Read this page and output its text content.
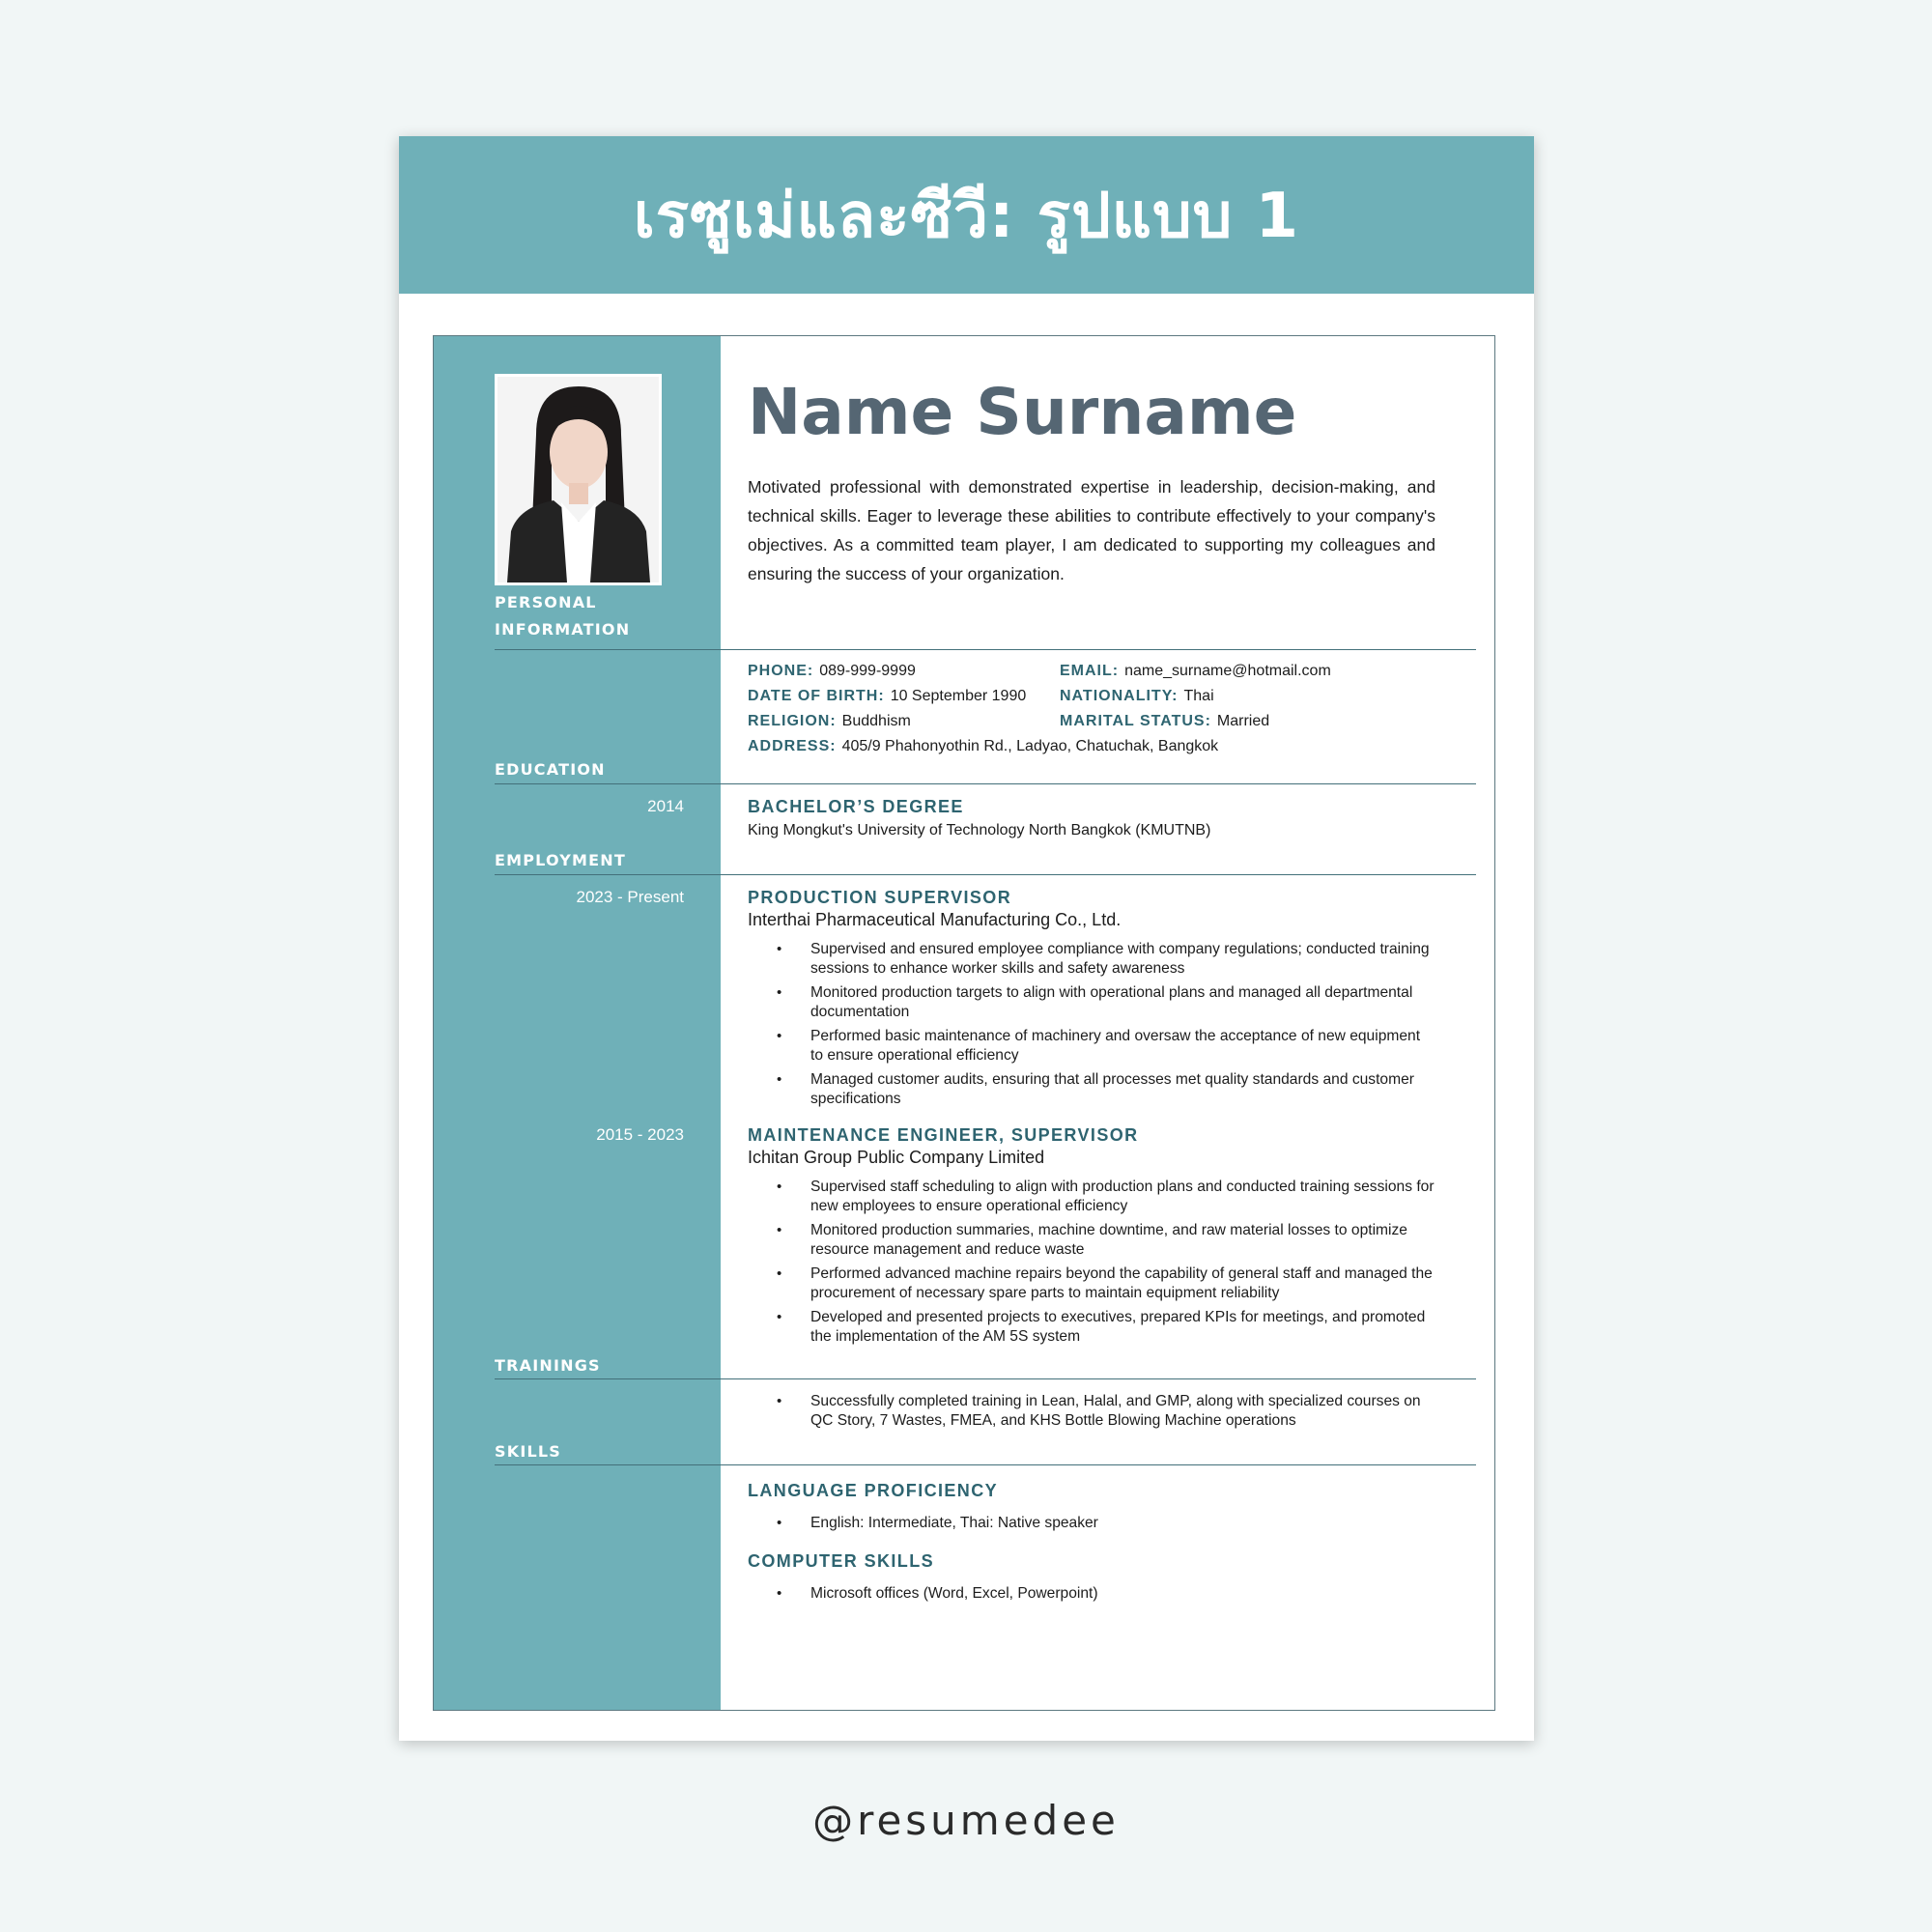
เรซูเม่และซีวี: รูปแบบ 1
PERSONAL INFORMATION
EDUCATION
2014
EMPLOYMENT
2023 - Present
2015 - 2023
TRAININGS
SKILLS
Name Surname
Motivated professional with demonstrated expertise in leadership, decision-making, and technical skills. Eager to leverage these abilities to contribute effectively to your company's objectives. As a committed team player, I am dedicated to supporting my colleagues and ensuring the success of your organization.
PHONE: 089-999-9999	EMAIL: name_surname@hotmail.com
DATE OF BIRTH: 10 September 1990 NATIONALITY: Thai
RELIGION: Buddhism	MARITAL STATUS: Married
ADDRESS: 405/9 Phahonyothin Rd., Ladyao, Chatuchak, Bangkok
BACHELOR’S DEGREE
King Mongkut's University of Technology North Bangkok (KMUTNB)
PRODUCTION SUPERVISOR
Interthai Pharmaceutical Manufacturing Co., Ltd.
• Supervised and ensured employee compliance with company regulations; conducted training sessions to enhance worker skills and safety awareness
• Monitored production targets to align with operational plans and managed all departmental documentation
• Performed basic maintenance of machinery and oversaw the acceptance of new equipment to ensure operational efficiency
• Managed customer audits, ensuring that all processes met quality standards and customer specifications
MAINTENANCE ENGINEER, SUPERVISOR
Ichitan Group Public Company Limited
• Supervised staff scheduling to align with production plans and conducted training sessions for new employees to ensure operational efficiency
• Monitored production summaries, machine downtime, and raw material losses to optimize resource management and reduce waste
• Performed advanced machine repairs beyond the capability of general staff and managed the procurement of necessary spare parts to maintain equipment reliability
• Developed and presented projects to executives, prepared KPIs for meetings, and promoted the implementation of the AM 5S system
• Successfully completed training in Lean, Halal, and GMP, along with specialized courses on QC Story, 7 Wastes, FMEA, and KHS Bottle Blowing Machine operations
LANGUAGE PROFICIENCY
• English: Intermediate, Thai: Native speaker
COMPUTER SKILLS
• Microsoft offices (Word, Excel, Powerpoint)
@resumedee
